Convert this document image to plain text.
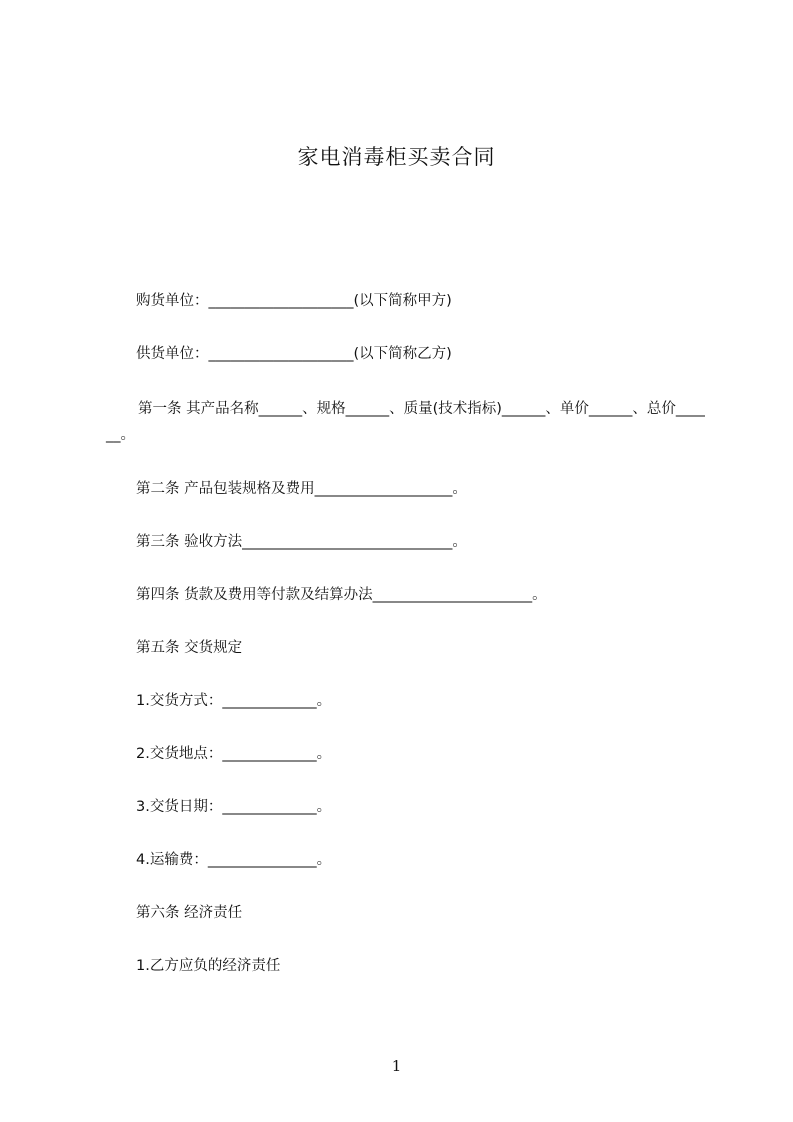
家电消毒柜买卖合同
购货单位：____________________(以下简称甲方)
供货单位：____________________(以下简称乙方)
第一条 其产品名称______、规格______、质量(技术指标)______、单价______、总价______。
第二条 产品包装规格及费用___________________。
第三条 验收方法_____________________________。
第四条 货款及费用等付款及结算办法______________________。
第五条 交货规定
1.交货方式：_____________。
2.交货地点：_____________。
3.交货日期：_____________。
4.运输费：_______________。
第六条 经济责任
1.乙方应负的经济责任
1
